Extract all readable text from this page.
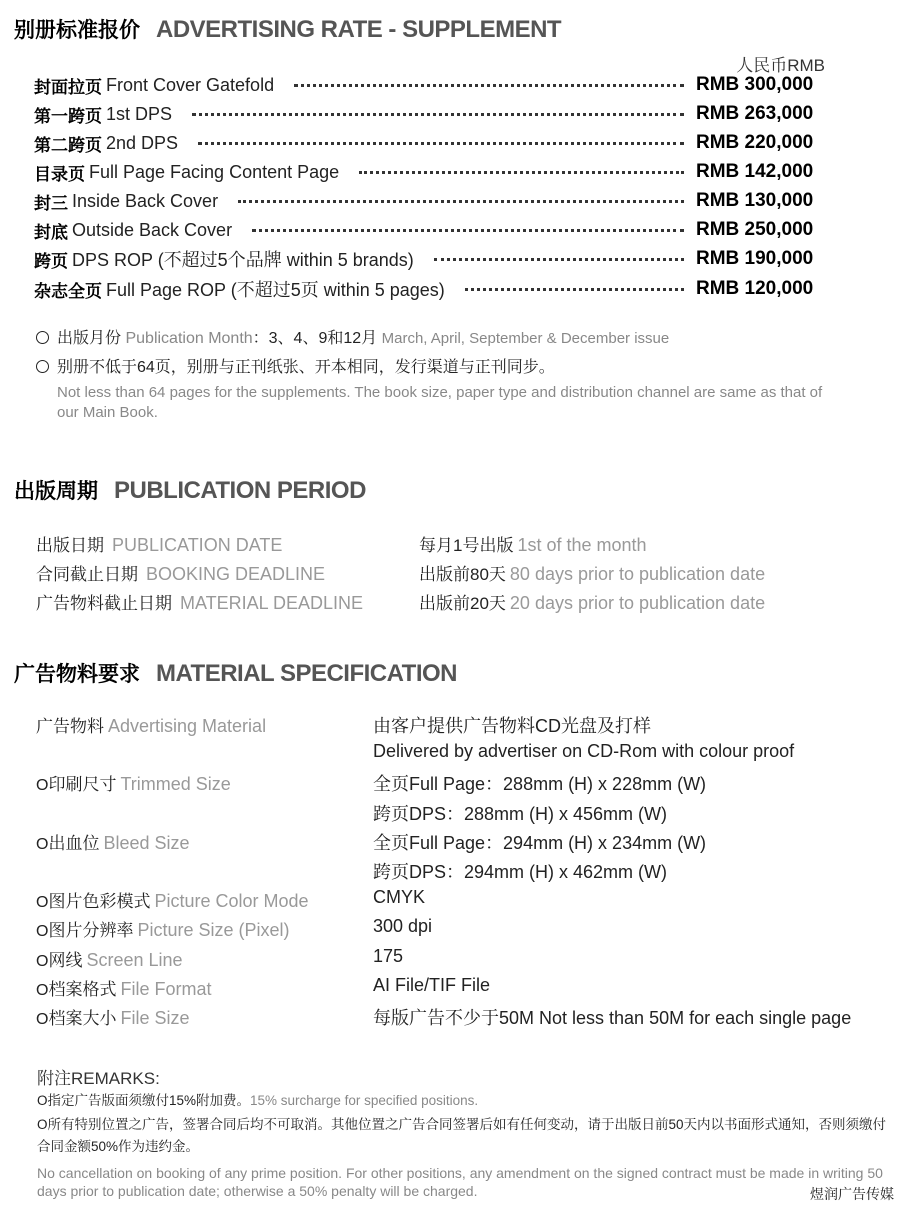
别册标准报价 ADVERTISING RATE - SUPPLEMENT
人民币RMB
封面拉页 Front Cover Gatefold	RMB 300,000
第一跨页 1st DPS	RMB 263,000
第二跨页 2nd DPS	RMB 220,000
目录页 Full Page Facing Content Page	RMB 142,000
封三 Inside Back Cover	RMB 130,000
封底 Outside Back Cover	RMB 250,000
跨页 DPS ROP (不超过5个品牌 within 5 brands)	RMB 190,000
杂志全页 Full Page ROP (不超过5页 within 5 pages)	RMB 120,000
出版月份 Publication Month：3、4、9和12月 March, April, September & December issue
别册不低于64页，别册与正刊纸张、开本相同，发行渠道与正刊同步。
Not less than 64 pages for the supplements. The book size, paper type and distribution channel are same as that of our Main Book.
出版周期 PUBLICATION PERIOD
出版日期 PUBLICATION DATE	每月1号出版 1st of the month
合同截止日期 BOOKING DEADLINE	出版前80天 80 days prior to publication date
广告物料截止日期 MATERIAL DEADLINE	出版前20天 20 days prior to publication date
广告物料要求 MATERIAL SPECIFICATION
广告物料 Advertising Material	由客户提供广告物料CD光盘及打样
Delivered by advertiser on CD-Rom with colour proof
O印刷尺寸 Trimmed Size	全页Full Page：288mm (H) x 228mm (W)
跨页DPS：288mm (H) x 456mm (W)
O出血位 Bleed Size	全页Full Page：294mm (H) x 234mm (W)
跨页DPS：294mm (H) x 462mm (W)
O图片色彩模式 Picture Color Mode	CMYK
O图片分辨率 Picture Size (Pixel)	300 dpi
O网线 Screen Line	175
O档案格式 File Format	AI File/TIF File
O档案大小 File Size	每版广告不少于50M Not less than 50M for each single page
附注REMARKS:
O指定广告版面须缴付15%附加费。15% surcharge for specified positions.
O所有特别位置之广告，签署合同后均不可取消。其他位置之广告合同签署后如有任何变动，请于出版日前50天内以书面形式通知，否则须缴付合同金额50%作为违约金。
No cancellation on booking of any prime position. For other positions, any amendment on the signed contract must be made in writing 50 days prior to publication date; otherwise a 50% penalty will be charged.	煜润广告传媒
